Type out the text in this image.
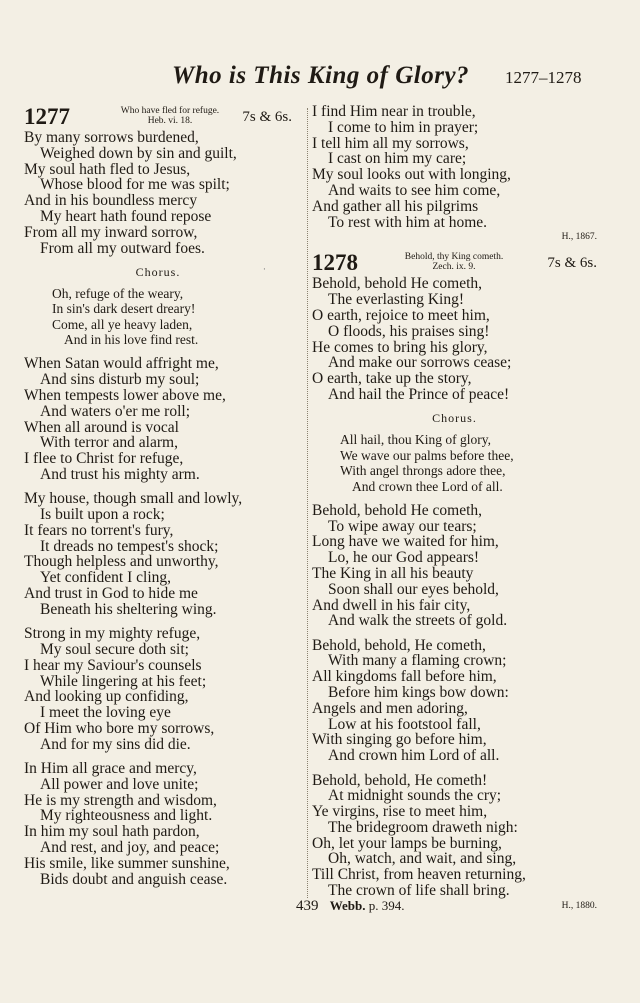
Who is This King of Glory? 1277–1278
·
1277	Who have fled for refuge.
Heb. vi. 18.	7s & 6s.
By many sorrows burdened,
Weighed down by sin and guilt,
My soul hath fled to Jesus,
Whose blood for me was spilt;
And in his boundless mercy
My heart hath found repose
From all my inward sorrow,
From all my outward foes.
Chorus.
Oh, refuge of the weary,
In sin's dark desert dreary!
Come, all ye heavy laden,
And in his love find rest.
When Satan would affright me,
And sins disturb my soul;
When tempests lower above me,
And waters o'er me roll;
When all around is vocal
With terror and alarm,
I flee to Christ for refuge,
And trust his mighty arm.
My house, though small and lowly,
Is built upon a rock;
It fears no torrent's fury,
It dreads no tempest's shock;
Though helpless and unworthy,
Yet confident I cling,
And trust in God to hide me
Beneath his sheltering wing.
Strong in my mighty refuge,
My soul secure doth sit;
I hear my Saviour's counsels
While lingering at his feet;
And looking up confiding,
I meet the loving eye
Of Him who bore my sorrows,
And for my sins did die.
In Him all grace and mercy,
All power and love unite;
He is my strength and wisdom,
My righteousness and light.
In him my soul hath pardon,
And rest, and joy, and peace;
His smile, like summer sunshine,
Bids doubt and anguish cease.
I find Him near in trouble,
I come to him in prayer;
I tell him all my sorrows,
I cast on him my care;
My soul looks out with longing,
And waits to see him come,
And gather all his pilgrims
To rest with him at home.
H., 1867.
1278	Behold, thy King cometh.
Zech. ix. 9.	7s & 6s.
Behold, behold He cometh,
The everlasting King!
O earth, rejoice to meet him,
O floods, his praises sing!
He comes to bring his glory,
And make our sorrows cease;
O earth, take up the story,
And hail the Prince of peace!
Chorus.
All hail, thou King of glory,
We wave our palms before thee,
With angel throngs adore thee,
And crown thee Lord of all.
Behold, behold He cometh,
To wipe away our tears;
Long have we waited for him,
Lo, he our God appears!
The King in all his beauty
Soon shall our eyes behold,
And dwell in his fair city,
And walk the streets of gold.
Behold, behold, He cometh,
With many a flaming crown;
All kingdoms fall before him,
Before him kings bow down:
Angels and men adoring,
Low at his footstool fall,
With singing go before him,
And crown him Lord of all.
Behold, behold, He cometh!
At midnight sounds the cry;
Ye virgins, rise to meet him,
The bridegroom draweth nigh:
Oh, let your lamps be burning,
Oh, watch, and wait, and sing,
Till Christ, from heaven returning,
The crown of life shall bring.
H., 1880.
439 Webb. p. 394.
